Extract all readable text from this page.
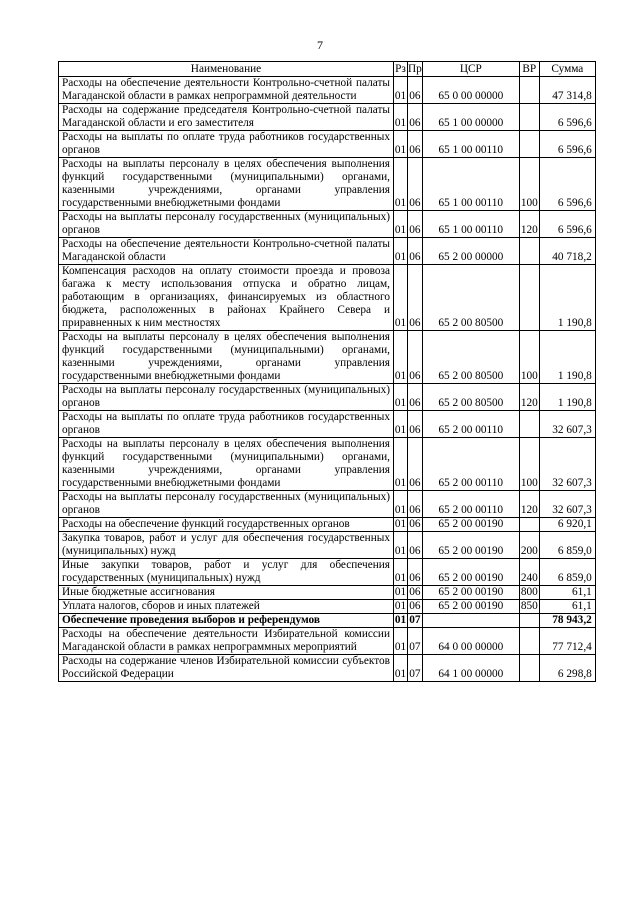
7
Наименование	Рз	Пр	ЦСР	ВР	Сумма
Расходы на обеспечение деятельности Контрольно-счетной палаты Магаданской области в рамках непрограммной деятельности	01	06	65 0 00 00000		47 314,8
Расходы на содержание председателя Контрольно-счетной палаты Магаданской области и его заместителя	01	06	65 1 00 00000		6 596,6
Расходы на выплаты по оплате труда работников государственных органов	01	06	65 1 00 00110		6 596,6
Расходы на выплаты персоналу в целях обеспечения выполнения функций государственными (муниципальными) органами, казенными учреждениями, органами управления государственными внебюджетными фондами	01	06	65 1 00 00110	100	6 596,6
Расходы на выплаты персоналу государственных (муниципальных) органов	01	06	65 1 00 00110	120	6 596,6
Расходы на обеспечение деятельности Контрольно-счетной палаты Магаданской области	01	06	65 2 00 00000		40 718,2
Компенсация расходов на оплату стоимости проезда и провоза багажа к месту использования отпуска и обратно лицам, работающим в организациях, финансируемых из областного бюджета, расположенных в районах Крайнего Севера и приравненных к ним местностях	01	06	65 2 00 80500		1 190,8
Расходы на выплаты персоналу в целях обеспечения выполнения функций государственными (муниципальными) органами, казенными учреждениями, органами управления государственными внебюджетными фондами	01	06	65 2 00 80500	100	1 190,8
Расходы на выплаты персоналу государственных (муниципальных) органов	01	06	65 2 00 80500	120	1 190,8
Расходы на выплаты по оплате труда работников государственных органов	01	06	65 2 00 00110		32 607,3
Расходы на выплаты персоналу в целях обеспечения выполнения функций государственными (муниципальными) органами, казенными учреждениями, органами управления государственными внебюджетными фондами	01	06	65 2 00 00110	100	32 607,3
Расходы на выплаты персоналу государственных (муниципальных) органов	01	06	65 2 00 00110	120	32 607,3
Расходы на обеспечение функций государственных органов	01	06	65 2 00 00190		6 920,1
Закупка товаров, работ и услуг для обеспечения государственных (муниципальных) нужд	01	06	65 2 00 00190	200	6 859,0
Иные закупки товаров, работ и услуг для обеспечения государственных (муниципальных) нужд	01	06	65 2 00 00190	240	6 859,0
Иные бюджетные ассигнования	01	06	65 2 00 00190	800	61,1
Уплата налогов, сборов и иных платежей	01	06	65 2 00 00190	850	61,1
Обеспечение проведения выборов и референдумов	01	07			78 943,2
Расходы на обеспечение деятельности Избирательной комиссии Магаданской области в рамках непрограммных мероприятий	01	07	64 0 00 00000		77 712,4
Расходы на содержание членов Избирательной комиссии субъектов Российской Федерации	01	07	64 1 00 00000		6 298,8
